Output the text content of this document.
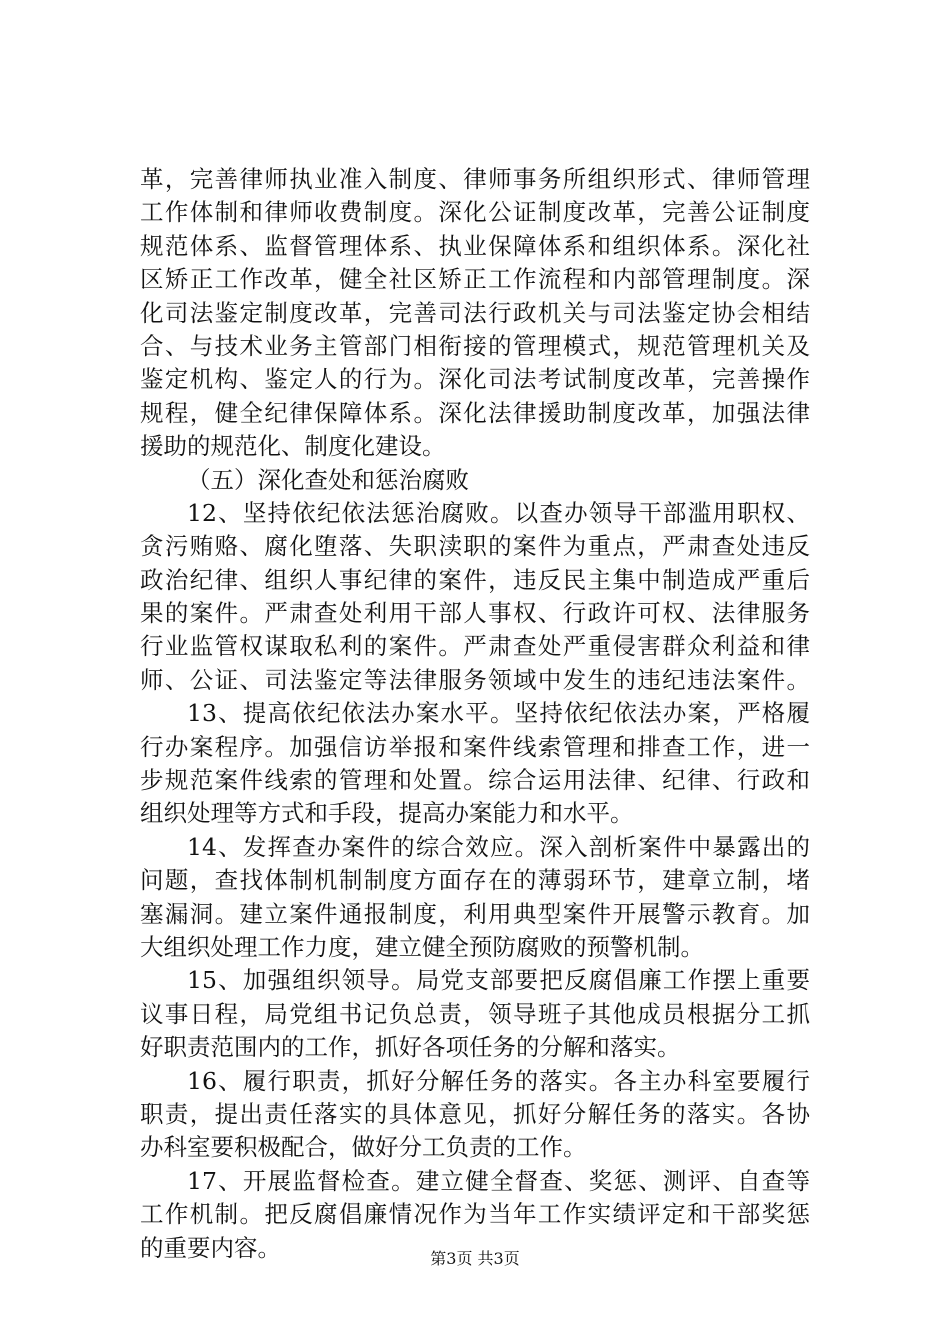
革，完善律师执业准入制度、律师事务所组织形式、律师管理
工作体制和律师收费制度。深化公证制度改革，完善公证制度
规范体系、监督管理体系、执业保障体系和组织体系。深化社
区矫正工作改革，健全社区矫正工作流程和内部管理制度。深
化司法鉴定制度改革，完善司法行政机关与司法鉴定协会相结
合、与技术业务主管部门相衔接的管理模式，规范管理机关及
鉴定机构、鉴定人的行为。深化司法考试制度改革，完善操作
规程，健全纪律保障体系。深化法律援助制度改革，加强法律
援助的规范化、制度化建设。
（五）深化查处和惩治腐败
12、坚持依纪依法惩治腐败。以查办领导干部滥用职权、
贪污贿赂、腐化堕落、失职渎职的案件为重点，严肃查处违反
政治纪律、组织人事纪律的案件，违反民主集中制造成严重后
果的案件。严肃查处利用干部人事权、行政许可权、法律服务
行业监管权谋取私利的案件。严肃查处严重侵害群众利益和律
师、公证、司法鉴定等法律服务领域中发生的违纪违法案件。
13、提高依纪依法办案水平。坚持依纪依法办案，严格履
行办案程序。加强信访举报和案件线索管理和排查工作，进一
步规范案件线索的管理和处置。综合运用法律、纪律、行政和
组织处理等方式和手段，提高办案能力和水平。
14、发挥查办案件的综合效应。深入剖析案件中暴露出的
问题，查找体制机制制度方面存在的薄弱环节，建章立制，堵
塞漏洞。建立案件通报制度，利用典型案件开展警示教育。加
大组织处理工作力度，建立健全预防腐败的预警机制。
15、加强组织领导。局党支部要把反腐倡廉工作摆上重要
议事日程，局党组书记负总责，领导班子其他成员根据分工抓
好职责范围内的工作，抓好各项任务的分解和落实。
16、履行职责，抓好分解任务的落实。各主办科室要履行
职责，提出责任落实的具体意见，抓好分解任务的落实。各协
办科室要积极配合，做好分工负责的工作。
17、开展监督检查。建立健全督查、奖惩、测评、自查等
工作机制。把反腐倡廉情况作为当年工作实绩评定和干部奖惩
的重要内容。	第3页 共3页
